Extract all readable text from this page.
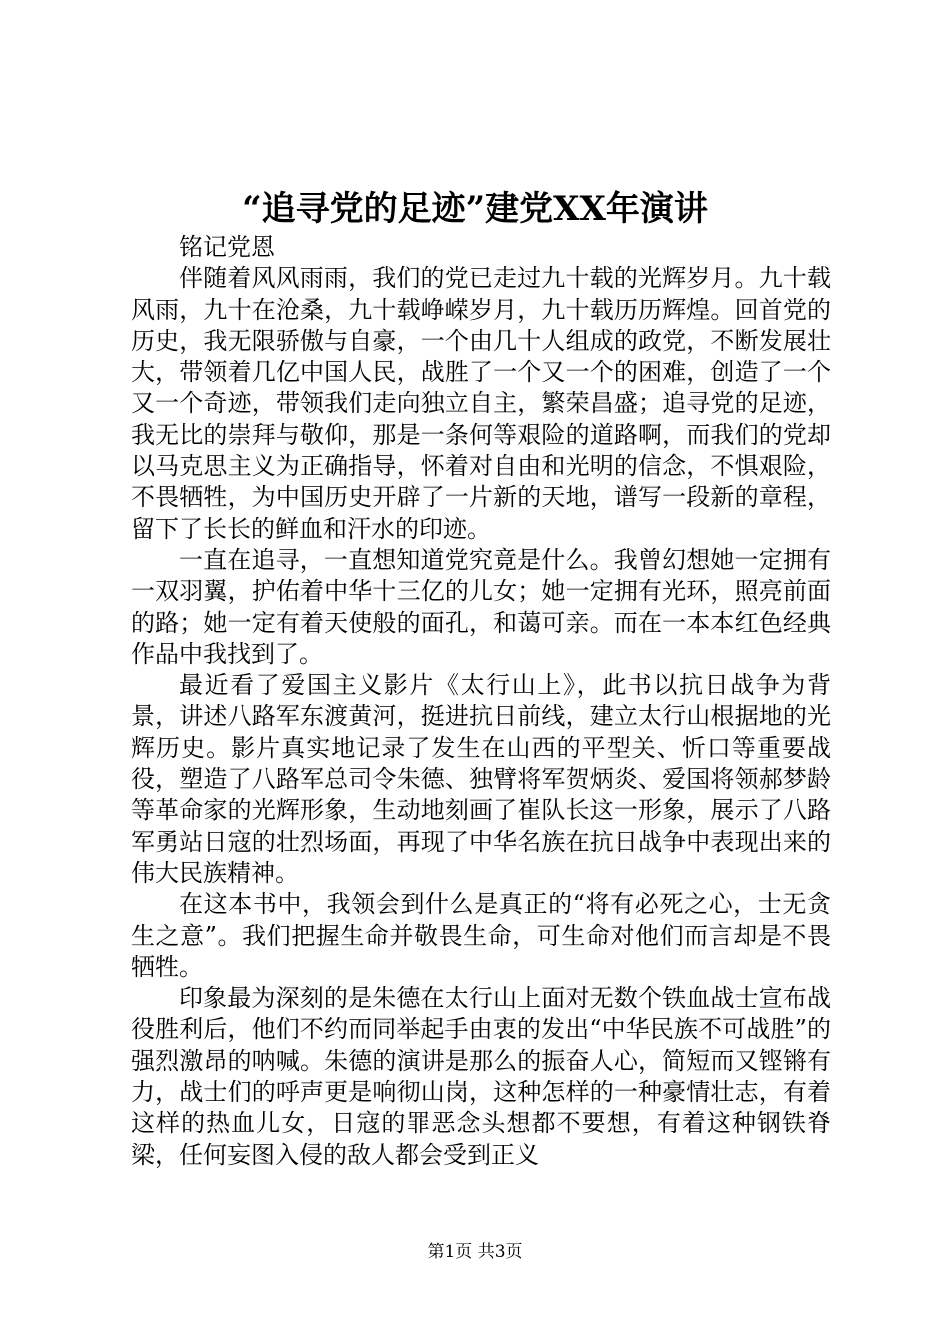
“追寻党的足迹”建党XX年演讲

铭记党恩

伴随着风风雨雨，我们的党已走过九十载的光辉岁月。九十载风雨，九十在沧桑，九十载峥嵘岁月，九十载历历辉煌。回首党的历史，我无限骄傲与自豪，一个由几十人组成的政党，不断发展壮大，带领着几亿中国人民，战胜了一个又一个的困难，创造了一个又一个奇迹，带领我们走向独立自主，繁荣昌盛；追寻党的足迹，我无比的崇拜与敬仰，那是一条何等艰险的道路啊，而我们的党却以马克思主义为正确指导，怀着对自由和光明的信念，不惧艰险，不畏牺牲，为中国历史开辟了一片新的天地，谱写一段新的章程，留下了长长的鲜血和汗水的印迹。

一直在追寻，一直想知道党究竟是什么。我曾幻想她一定拥有一双羽翼，护佑着中华十三亿的儿女；她一定拥有光环，照亮前面的路；她一定有着天使般的面孔，和蔼可亲。而在一本本红色经典作品中我找到了。

最近看了爱国主义影片《太行山上》，此书以抗日战争为背景，讲述八路军东渡黄河，挺进抗日前线，建立太行山根据地的光辉历史。影片真实地记录了发生在山西的平型关、忻口等重要战役，塑造了八路军总司令朱德、独臂将军贺炳炎、爱国将领郝梦龄等革命家的光辉形象，生动地刻画了崔队长这一形象，展示了八路军勇站日寇的壮烈场面，再现了中华名族在抗日战争中表现出来的伟大民族精神。

在这本书中，我领会到什么是真正的“将有必死之心，士无贪生之意”。我们把握生命并敬畏生命，可生命对他们而言却是不畏牺牲。

印象最为深刻的是朱德在太行山上面对无数个铁血战士宣布战役胜利后，他们不约而同举起手由衷的发出“中华民族不可战胜”的强烈激昂的呐喊。朱德的演讲是那么的振奋人心，简短而又铿锵有力，战士们的呼声更是响彻山岗，这种怎样的一种豪情壮志，有着这样的热血儿女，日寇的罪恶念头想都不要想，有着这种钢铁脊梁，任何妄图入侵的敌人都会受到正义

第1页 共3页
